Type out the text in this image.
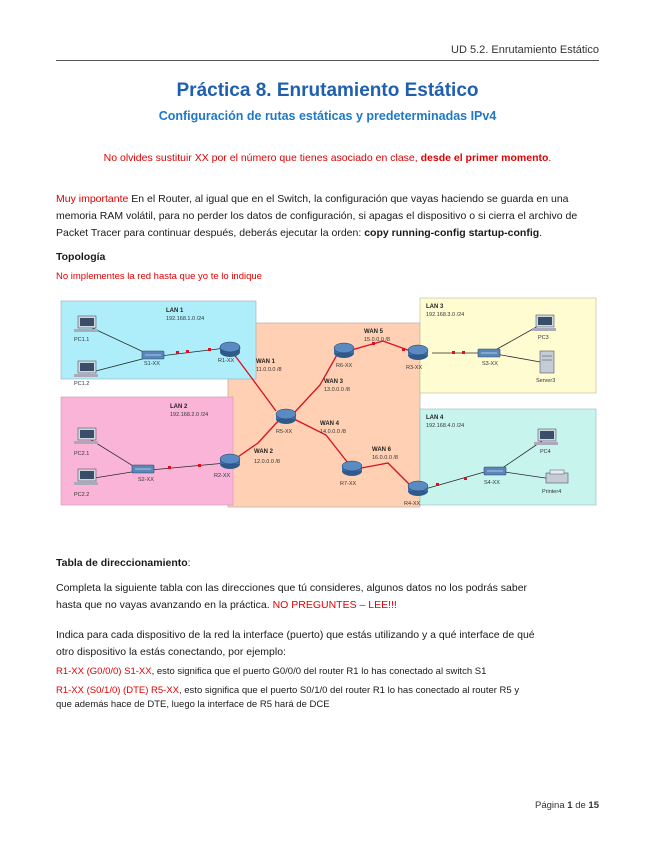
UD 5.2. Enrutamiento Estático
Práctica 8. Enrutamiento Estático
Configuración de rutas estáticas y predeterminadas IPv4
No olvides sustituir XX por el número que tienes asociado en clase, desde el primer momento.
Muy importante En el Router, al igual que en el Switch, la configuración que vayas haciendo se guarda en una
memoria RAM volátil, para no perder los datos de configuración, si apagas el dispositivo o si cierra el archivo de
Packet Tracer para continuar después, deberás ejecutar la orden: copy running-config startup-config.
Topología
No implementes la red hasta que yo te lo indique
LAN 1
192.168.1.0 /24
LAN 2
192.168.2.0 /24
LAN 3
192.168.3.0 /24
LAN 4
192.168.4.0 /24
WAN 1
11.0.0.0 /8
WAN 2
12.0.0.0 /8
WAN 3
13.0.0.0 /8
WAN 4
14.0.0.0 /8
WAN 5
15.0.0.0 /8
WAN 6
16.0.0.0 /8
PC1.1
PC1.2
PC2.1
PC2.2
PC3
Server3
PC4
Printer4
S1-XX
S2-XX
S3-XX
S4-XX
R1-XX
R2-XX
R3-XX
R4-XX
R5-XX
R6-XX
R7-XX
Tabla de direccionamiento:
Completa la siguiente tabla con las direcciones que tú consideres, algunos datos no los podrás saber
hasta que no vayas avanzando en la práctica. NO PREGUNTES – LEE!!!
Indica para cada dispositivo de la red la interface (puerto) que estás utilizando y a qué interface de qué
otro dispositivo la estás conectando, por ejemplo:
R1-XX (G0/0/0) S1-XX, esto significa que el puerto G0/0/0 del router R1 lo has conectado al switch S1
R1-XX (S0/1/0) (DTE) R5-XX, esto significa que el puerto S0/1/0 del router R1 lo has conectado al router R5 y
que además hace de DTE, luego la interface de R5 hará de DCE
Página 1 de 15
